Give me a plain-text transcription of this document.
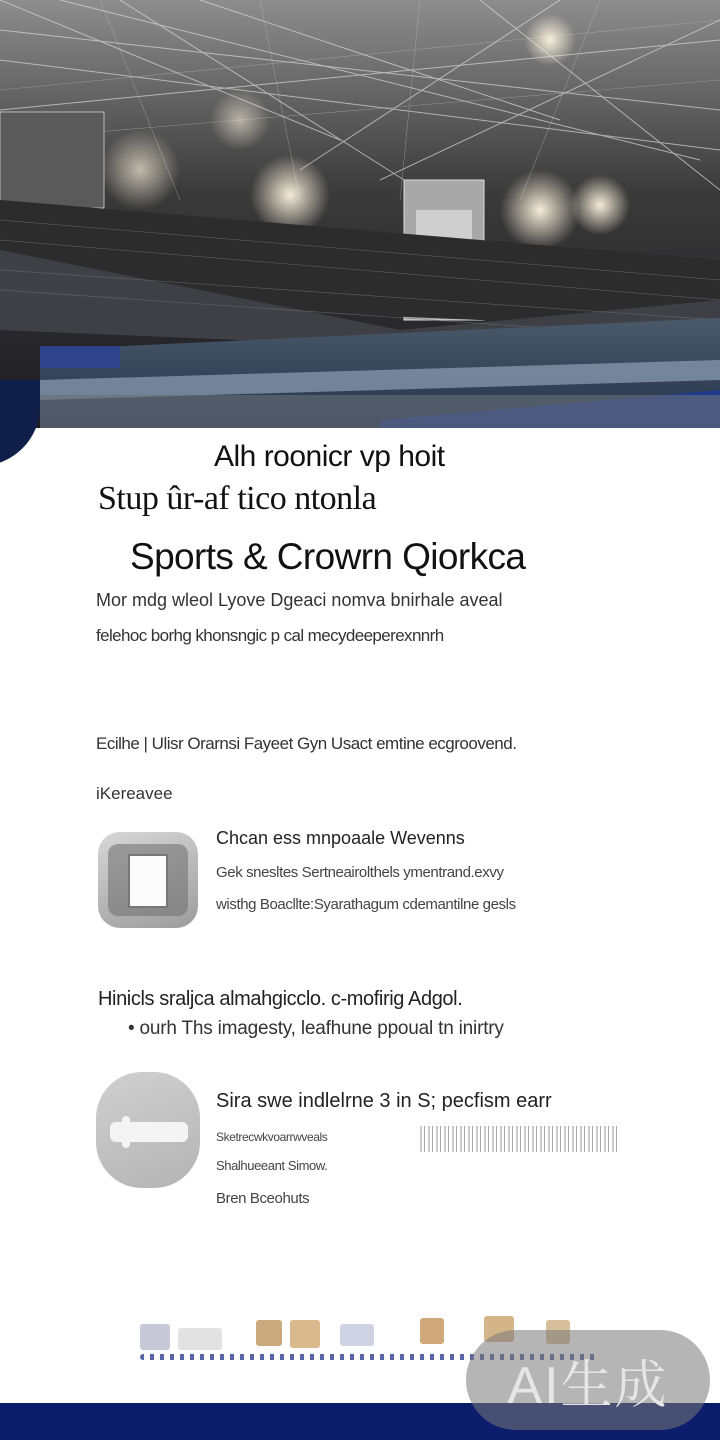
Alh roonicr vp hoit
Stup ûr-af tico ntonla
Sports & Crowrn Qiorkca
Mor mdg wleol Lyove Dgeaci nomva bnirhale aveal
felehoc borhg khonsngic p cal mecydeeperexnnrh
Ecilhe | Ulisr Orarnsi Fayeet Gyn Usact emtine ecgroovend.
iKereavee
Chcan ess mnpoaale Wevenns
Gek snesltes Sertneairolthels ymentrand.exvy
wisthg Boacllte:Syarathagum cdemantilne gesls
Hinicls sraljca almahgicclo. c-mofirig Adgol.
• ourh Ths imagesty, leafhune ppoual tn inirtry
Sira swe indlelrne 3 in S; pecfism earr
Sketrecwkvoarrwveals
Shalhueeant Simow.
Bren Bceohuts
AI生成
